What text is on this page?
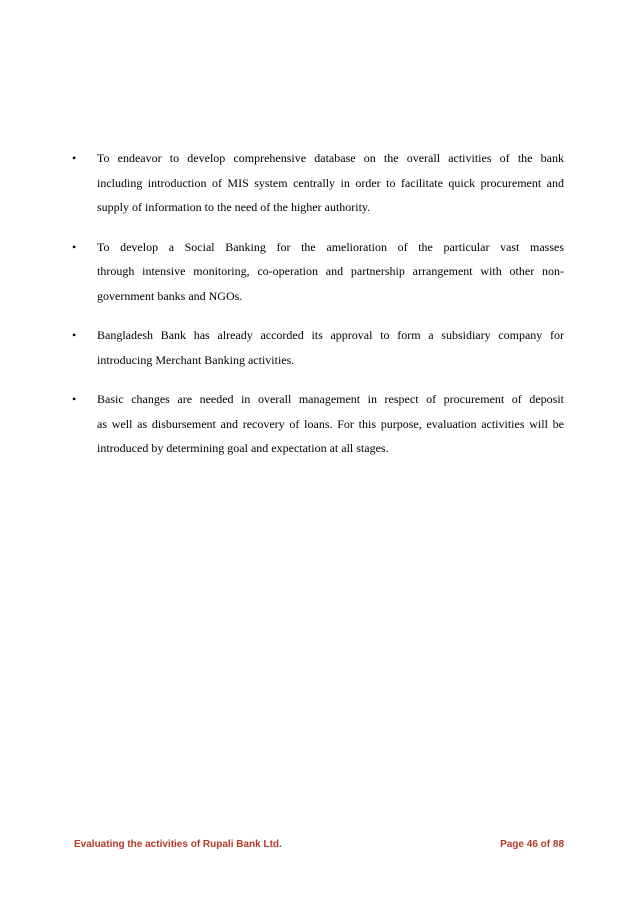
• To endeavor to develop comprehensive database on the overall activities of the bank including introduction of MIS system centrally in order to facilitate quick procurement and supply of information to the need of the higher authority.
• To develop a Social Banking for the amelioration of the particular vast masses through intensive monitoring, co-operation and partnership arrangement with other non-government banks and NGOs.
• Bangladesh Bank has already accorded its approval to form a subsidiary company for introducing Merchant Banking activities.
• Basic changes are needed in overall management in respect of procurement of deposit as well as disbursement and recovery of loans. For this purpose, evaluation activities will be introduced by determining goal and expectation at all stages.
Evaluating the activities of Rupali Bank Ltd.	Page 46 of 88
